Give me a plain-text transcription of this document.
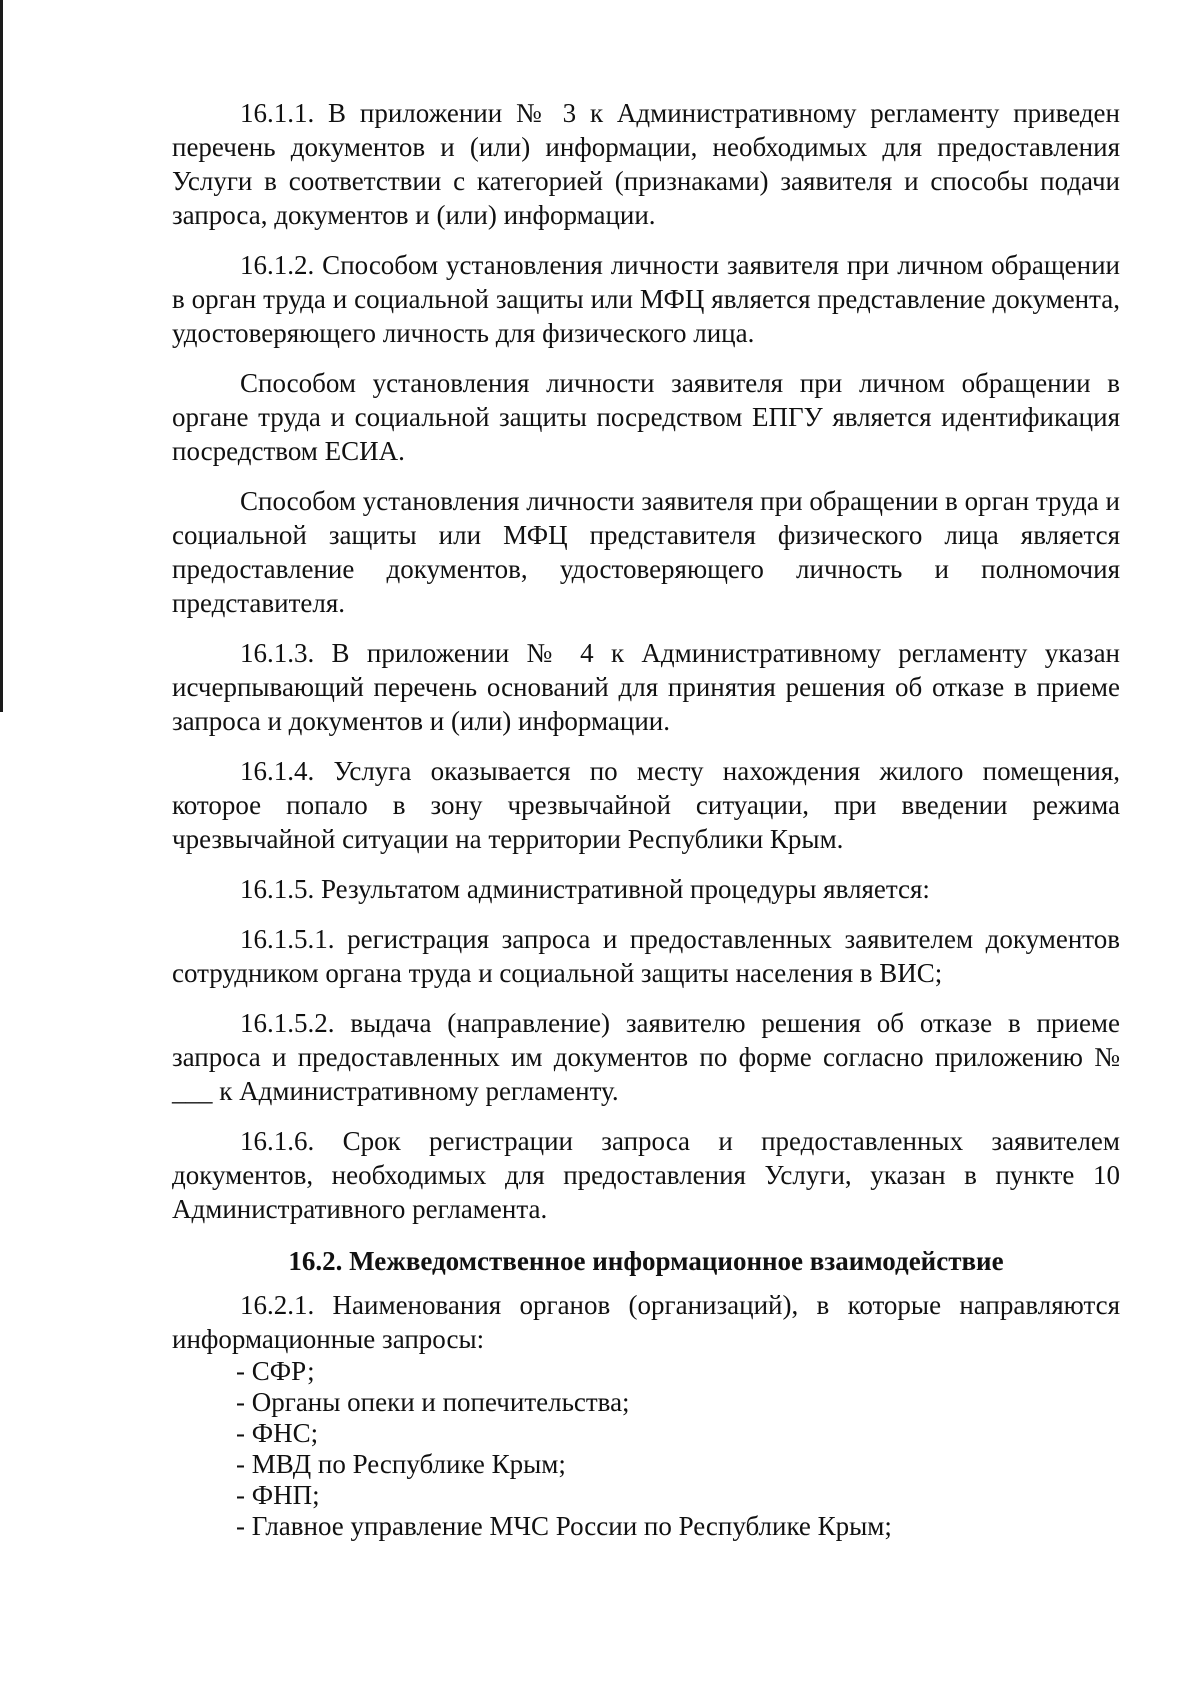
16.1.1. В приложении № 3 к Административному регламенту приведен перечень документов и (или) информации, необходимых для предоставления Услуги в соответствии с категорией (признаками) заявителя и способы подачи запроса, документов и (или) информации.

16.1.2. Способом установления личности заявителя при личном обращении в орган труда и социальной защиты или МФЦ является представление документа, удостоверяющего личность для физического лица.

Способом установления личности заявителя при личном обращении в органе труда и социальной защиты посредством ЕПГУ является идентификация посредством ЕСИА.

Способом установления личности заявителя при обращении в орган труда и социальной защиты или МФЦ представителя физического лица является предоставление документов, удостоверяющего личность и полномочия представителя.

16.1.3. В приложении № 4 к Административному регламенту указан исчерпывающий перечень оснований для принятия решения об отказе в приеме запроса и документов и (или) информации.

16.1.4. Услуга оказывается по месту нахождения жилого помещения, которое попало в зону чрезвычайной ситуации, при введении режима чрезвычайной ситуации на территории Республики Крым.

16.1.5. Результатом административной процедуры является:

16.1.5.1. регистрация запроса и предоставленных заявителем документов сотрудником органа труда и социальной защиты населения в ВИС;

16.1.5.2. выдача (направление) заявителю решения об отказе в приеме запроса и предоставленных им документов по форме согласно приложению № ___ к Административному регламенту.

16.1.6. Срок регистрации запроса и предоставленных заявителем документов, необходимых для предоставления Услуги, указан в пункте 10 Административного регламента.

16.2. Межведомственное информационное взаимодействие

16.2.1. Наименования органов (организаций), в которые направляются информационные запросы:

- СФР;
- Органы опеки и попечительства;
- ФНС;
- МВД по Республике Крым;
- ФНП;
- Главное управление МЧС России по Республике Крым;
